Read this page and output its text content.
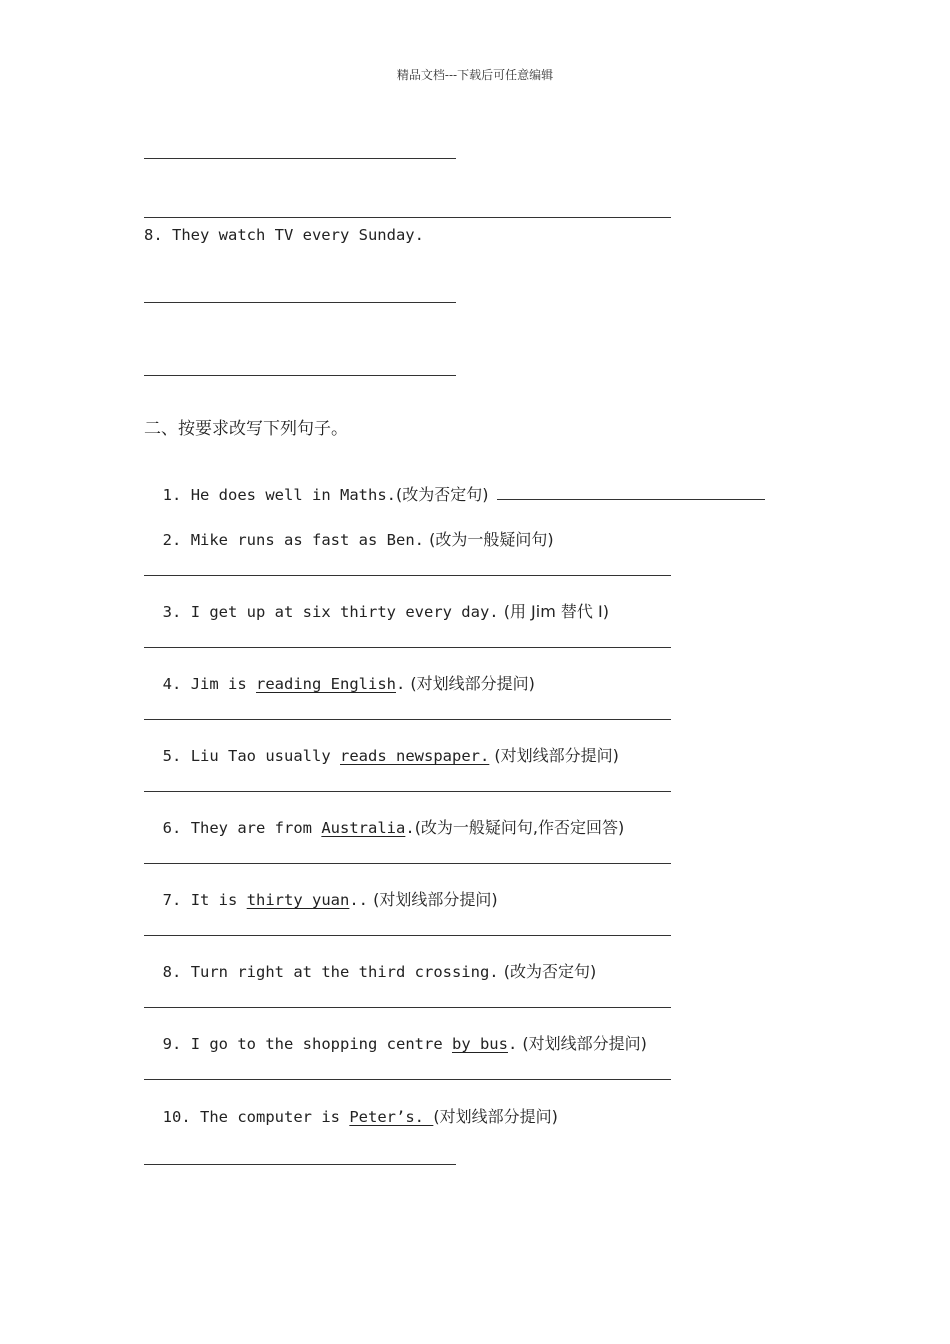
精品文档---下载后可任意编辑
8. They watch TV every Sunday.
二、按要求改写下列句子。

1. He does well in Maths.(改为否定句)

2. Mike runs as fast as Ben. (改为一般疑问句)

3. I get up at six thirty every day. (用 Jim 替代 I)

4. Jim is reading English. (对划线部分提问)

5. Liu Tao usually reads newspaper. (对划线部分提问)

6. They are from Australia.(改为一般疑问句,作否定回答)

7. It is thirty yuan.. (对划线部分提问)

8. Turn right at the third crossing. (改为否定句)

9. I go to the shopping centre by bus. (对划线部分提问)

10. The computer is Peter’s. (对划线部分提问)
